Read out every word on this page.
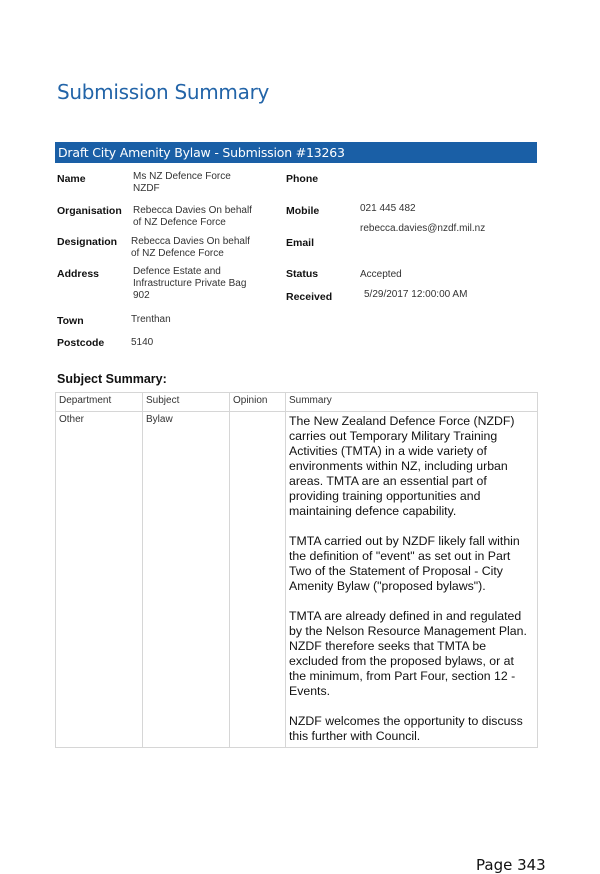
Submission Summary
Draft City Amenity Bylaw - Submission #13263
Name	Ms NZ Defence Force
NZDF
Organisation Rebecca Davies On behalf
of NZ Defence Force
Designation Rebecca Davies On behalf
of NZ Defence Force
Address	Defence Estate and
Infrastructure Private Bag
902
Town	Trenthan
Postcode	5140
Phone
Mobile	021 445 482
Email
rebecca.davies@nzdf.mil.nz
Status	Accepted
Received	5/29/2017 12:00:00 AM
Subject Summary:
Department	Subject	Opinion	Summary
Other	Bylaw		The New Zealand Defence Force (NZDF) carries out Temporary Military Training Activities (TMTA) in a wide variety of environments within NZ, including urban areas. TMTA are an essential part of providing training opportunities and maintaining defence capability.

TMTA carried out by NZDF likely fall within the definition of "event" as set out in Part Two of the Statement of Proposal - City Amenity Bylaw ("proposed bylaws").

TMTA are already defined in and regulated by the Nelson Resource Management Plan. NZDF therefore seeks that TMTA be excluded from the proposed bylaws, or at the minimum, from Part Four, section 12 - Events.

NZDF welcomes the opportunity to discuss this further with Council.

Page 343
